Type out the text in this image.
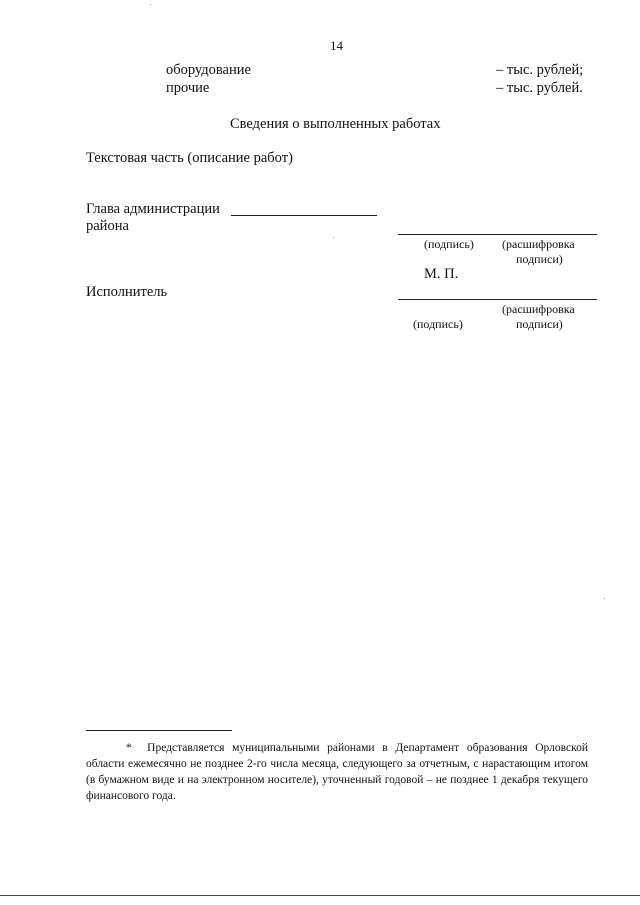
14
оборудование	– тыс. рублей;
прочие	– тыс. рублей.
Сведения о выполненных работах
Текстовая часть (описание работ)
Глава администрации
района
(подпись) (расшифровка
подписи)
М. П.
Исполнитель
(расшифровка
(подпись)	подписи)
* Представляется муниципальными районами в Департамент образования Орловской области ежемесячно не позднее 2-го числа месяца, следующего за отчетным, с нарастающим итогом (в бумажном виде и на электронном носителе), уточненный годовой – не позднее 1 декабря текущего финансового года.
